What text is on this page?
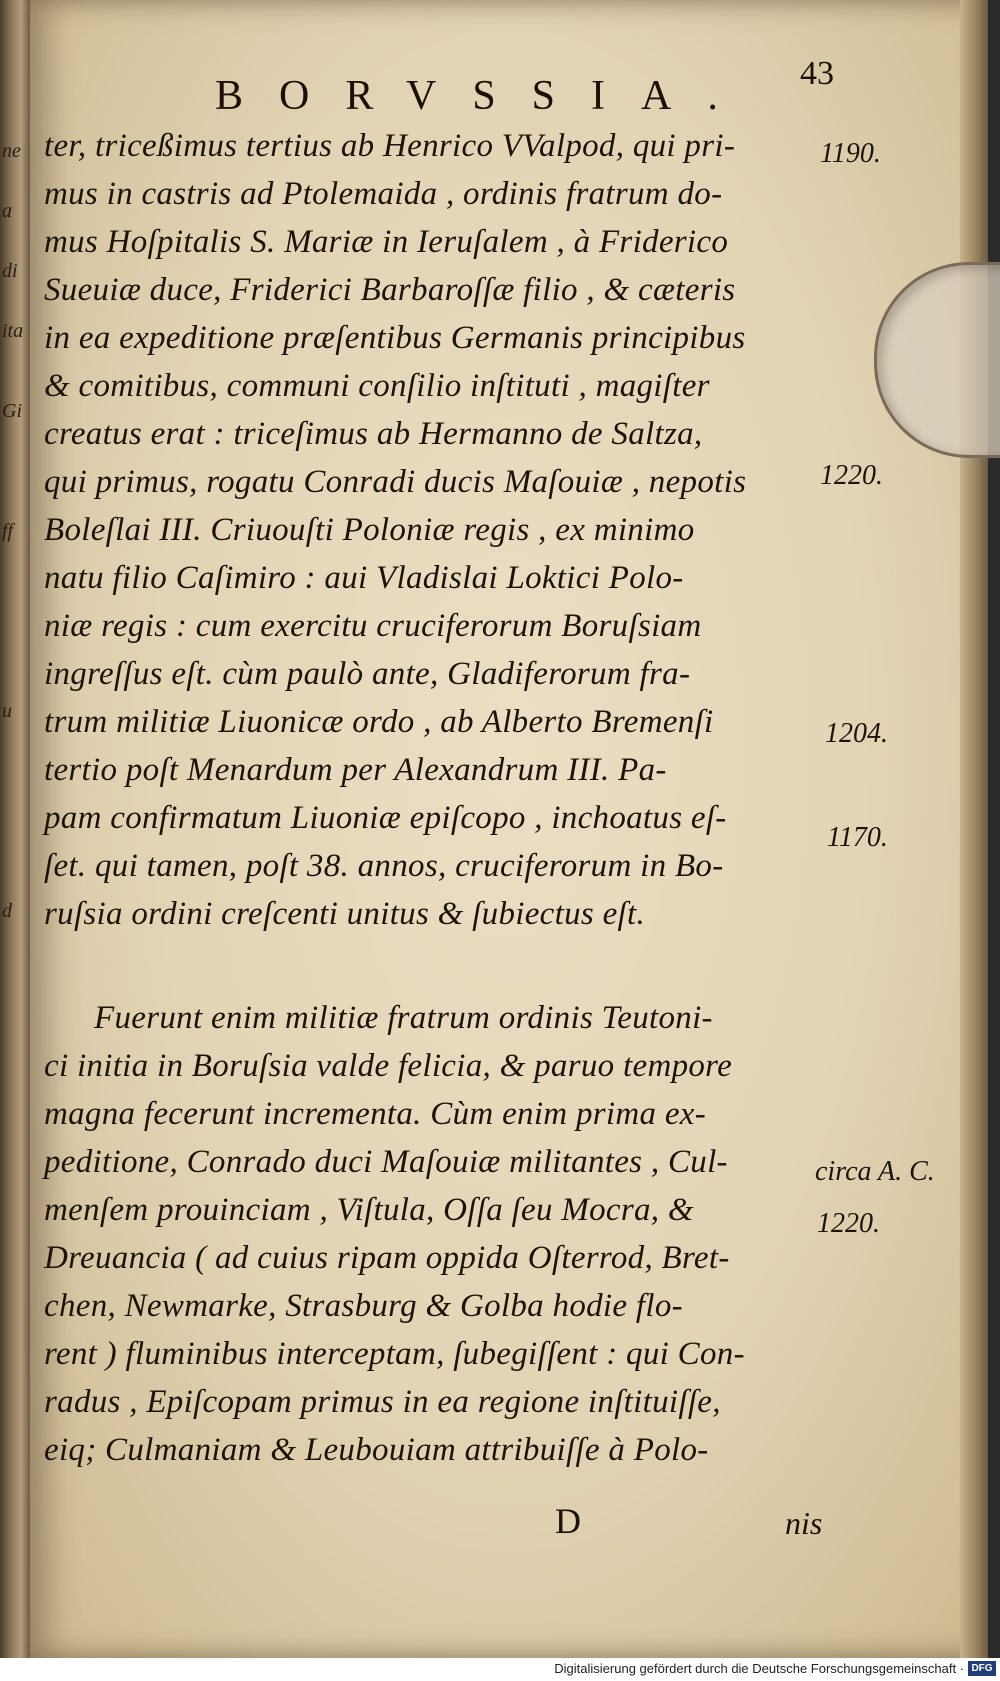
ne
a
di
ita
Gi
ff
u
d
BORVSSIA. 43
ter, triceßimus tertius ab Henrico VValpod, qui pri-
mus in castris ad Ptolemaida , ordinis fratrum do-
mus Hoſpitalis S. Mariæ in Ieruſalem , à Friderico
Sueuiæ duce, Friderici Barbaroſſæ filio , & cæteris
in ea expeditione præſentibus Germanis principibus
& comitibus, communi conſilio inſtituti , magiſter
creatus erat : triceſimus ab Hermanno de Saltza,
qui primus, rogatu Conradi ducis Maſouiæ , nepotis
Boleſlai III. Criuouſti Poloniæ regis , ex minimo
natu filio Caſimiro : aui Vladislai Loktici Polo-
niæ regis : cum exercitu cruciferorum Boruſsiam
ingreſſus eſt. cùm paulò ante, Gladiferorum fra-
trum militiæ Liuonicæ ordo , ab Alberto Bremenſi
tertio poſt Menardum per Alexandrum III. Pa-
pam confirmatum Liuoniæ epiſcopo , inchoatus eſ-
ſet. qui tamen, poſt 38. annos, cruciferorum in Bo-
ruſsia ordini creſcenti unitus & ſubiectus eſt.
Fuerunt enim militiæ fratrum ordinis Teutoni-
ci initia in Boruſsia valde felicia, & paruo tempore
magna fecerunt incrementa. Cùm enim prima ex-
peditione, Conrado duci Maſouiæ militantes , Cul-
menſem prouinciam , Viſtula, Oſſa ſeu Mocra, &
Dreuancia ( ad cuius ripam oppida Oſterrod, Bret-
chen, Newmarke, Strasburg & Golba hodie flo-
rent ) fluminibus interceptam, ſubegiſſent : qui Con-
radus , Epiſcopam primus in ea regione inſtituiſſe,
eiq; Culmaniam & Leubouiam attribuiſſe à Polo-
1190.
1220.
1204.
1170.
circa A. C.
1220.
D	nis
Digitalisierung gefördert durch die Deutsche Forschungsgemeinschaft · DFG
